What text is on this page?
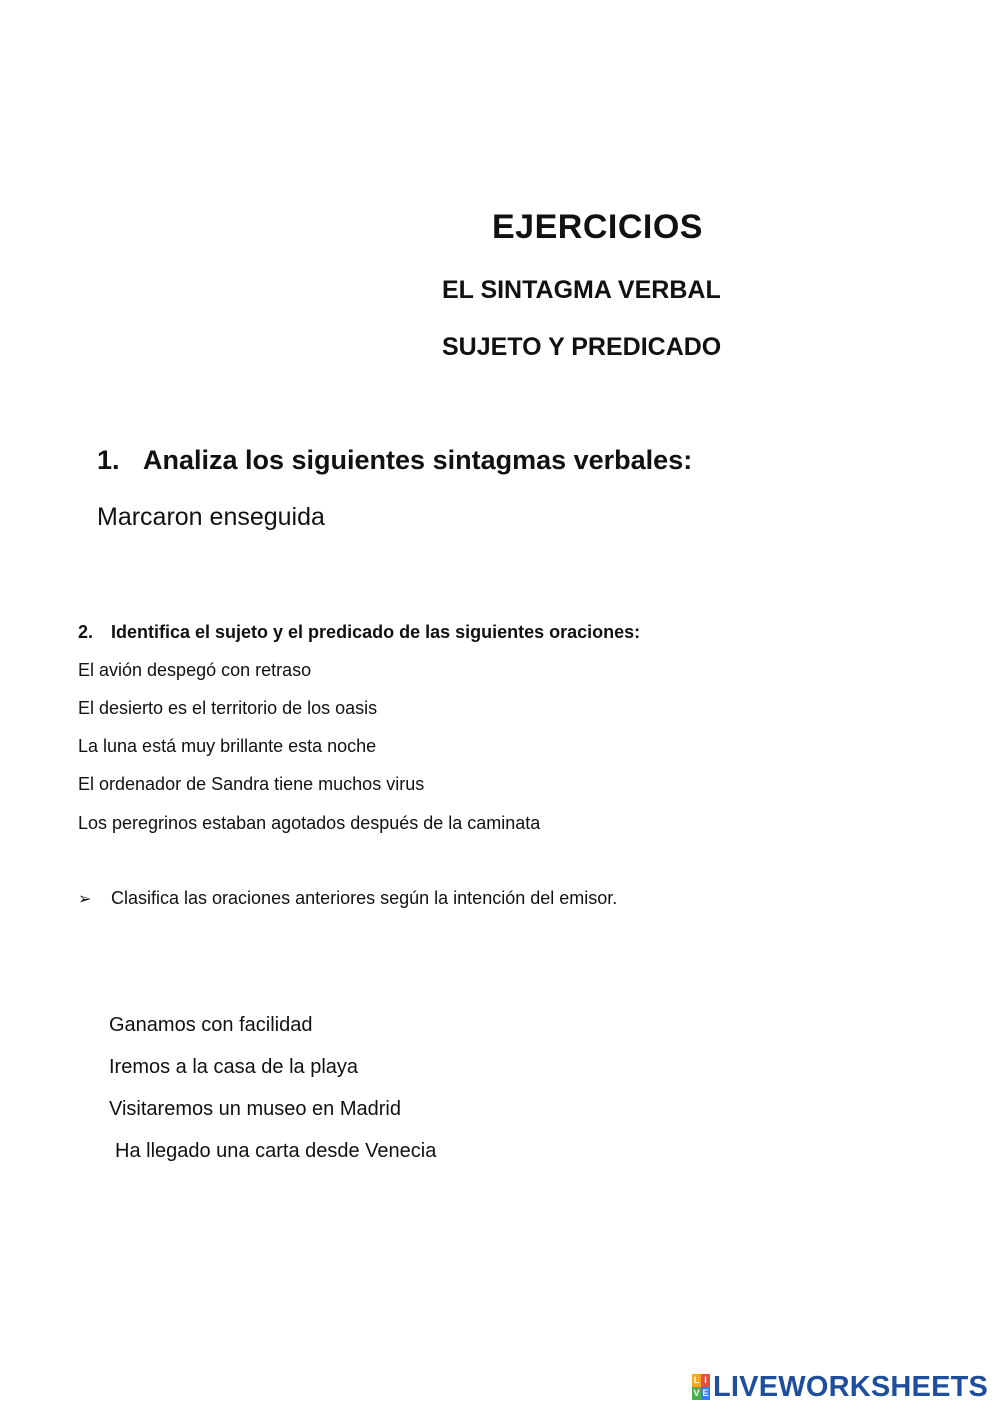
EJERCICIOS
EL SINTAGMA VERBAL
SUJETO Y PREDICADO
1. Analiza los siguientes sintagmas verbales:
Marcaron enseguida
2. Identifica el sujeto y el predicado de las siguientes oraciones:
El avión despegó con retraso
El desierto es el territorio de los oasis
La luna está muy brillante esta noche
El ordenador de Sandra tiene muchos virus
Los peregrinos estaban agotados después de la caminata
➢ Clasifica las oraciones anteriores según la intención del emisor.
Ganamos con facilidad
Iremos a la casa de la playa
Visitaremos un museo en Madrid
Ha llegado una carta desde Venecia
L I
V E LIVEWORKSHEETS
